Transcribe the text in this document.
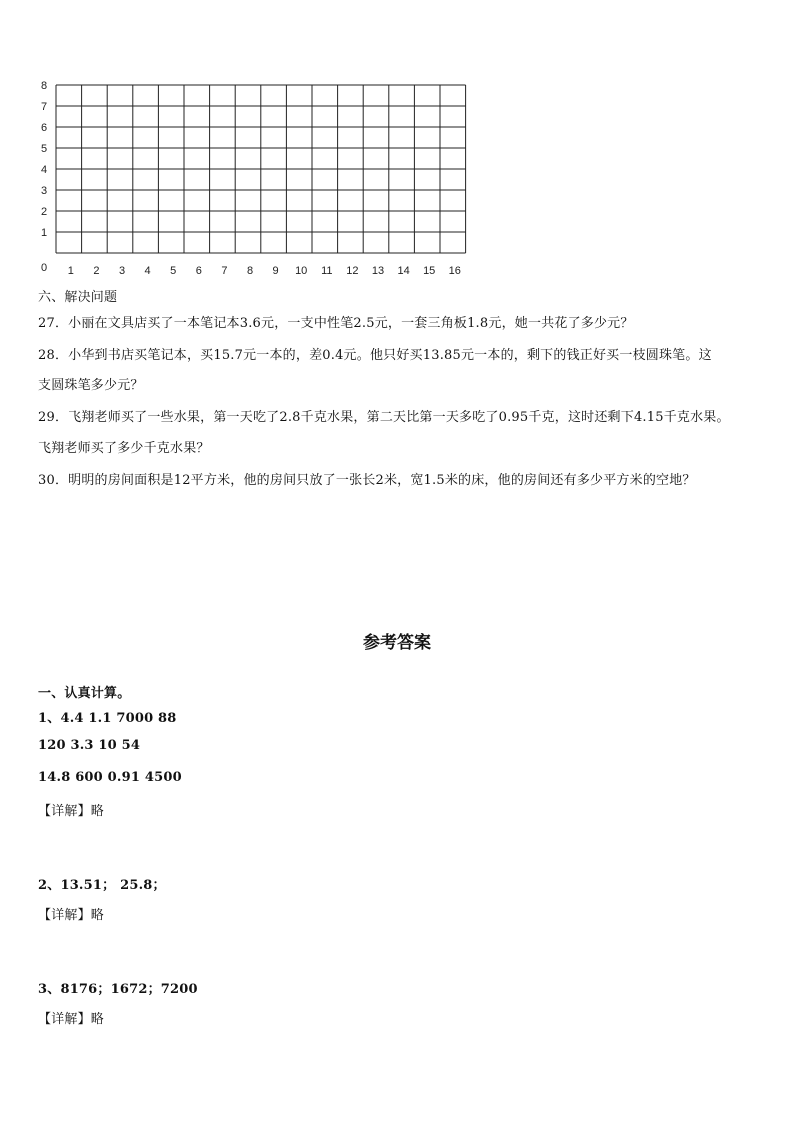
8
7
6
5
4
3
2
1
0 1 2 3 4 5 6 7 8 9 10 11 12 13 14 15 16
六、解决问题
27．小丽在文具店买了一本笔记本3.6元，一支中性笔2.5元，一套三角板1.8元，她一共花了多少元？
28．小华到书店买笔记本，买15.7元一本的，差0.4元。他只好买13.85元一本的，剩下的钱正好买一枝圆珠笔。这
支圆珠笔多少元？
29．飞翔老师买了一些水果，第一天吃了2.8千克水果，第二天比第一天多吃了0.95千克，这时还剩下4.15千克水果。
飞翔老师买了多少千克水果？
30．明明的房间面积是12平方米，他的房间只放了一张长2米，宽1.5米的床，他的房间还有多少平方米的空地？
参考答案
一、认真计算。
1、4.4 1.1 7000 88
120 3.3 10 54
14.8 600 0.91 4500
【详解】略
2、13.51； 25.8；
【详解】略
3、8176；1672；7200
【详解】略
